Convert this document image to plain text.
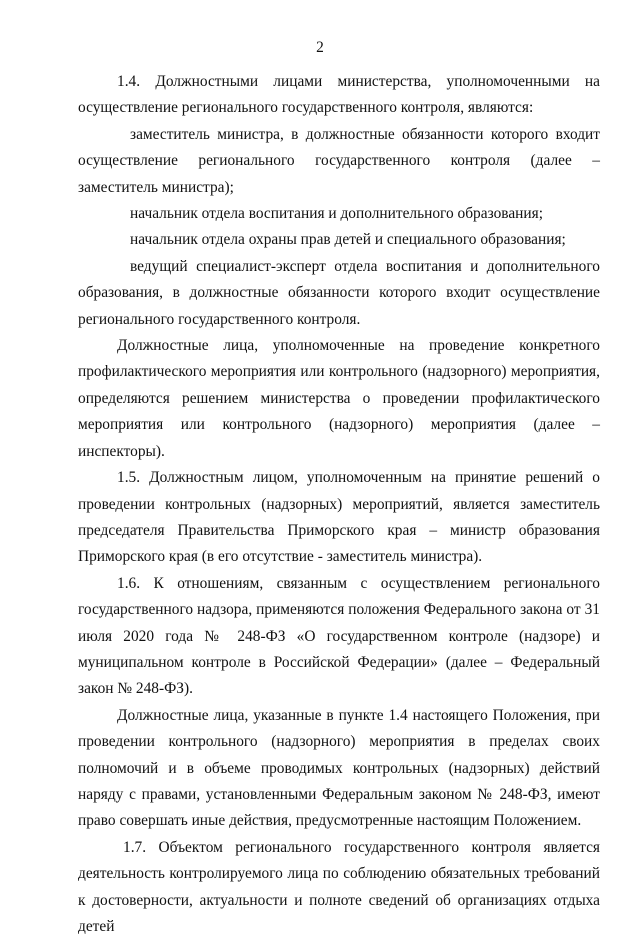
2

1.4. Должностными лицами министерства, уполномоченными на осуществление регионального государственного контроля, являются:

заместитель министра, в должностные обязанности которого входит осуществление регионального государственного контроля (далее – заместитель министра);

начальник отдела воспитания и дополнительного образования;

начальник отдела охраны прав детей и специального образования;

ведущий специалист-эксперт отдела воспитания и дополнительного образования, в должностные обязанности которого входит осуществление регионального государственного контроля.

Должностные лица, уполномоченные на проведение конкретного профилактического мероприятия или контрольного (надзорного) мероприятия, определяются решением министерства о проведении профилактического мероприятия или контрольного (надзорного) мероприятия (далее – инспекторы).

1.5. Должностным лицом, уполномоченным на принятие решений о проведении контрольных (надзорных) мероприятий, является заместитель председателя Правительства Приморского края – министр образования Приморского края (в его отсутствие - заместитель министра).

1.6. К отношениям, связанным с осуществлением регионального государственного надзора, применяются положения Федерального закона от 31 июля 2020 года № 248-ФЗ «О государственном контроле (надзоре) и муниципальном контроле в Российской Федерации» (далее – Федеральный закон № 248-ФЗ).

Должностные лица, указанные в пункте 1.4 настоящего Положения, при проведении контрольного (надзорного) мероприятия в пределах своих полномочий и в объеме проводимых контрольных (надзорных) действий наряду с правами, установленными Федеральным законом № 248-ФЗ, имеют право совершать иные действия, предусмотренные настоящим Положением.

1.7. Объектом регионального государственного контроля является деятельность контролируемого лица по соблюдению обязательных требований к достоверности, актуальности и полноте сведений об организациях отдыха детей
